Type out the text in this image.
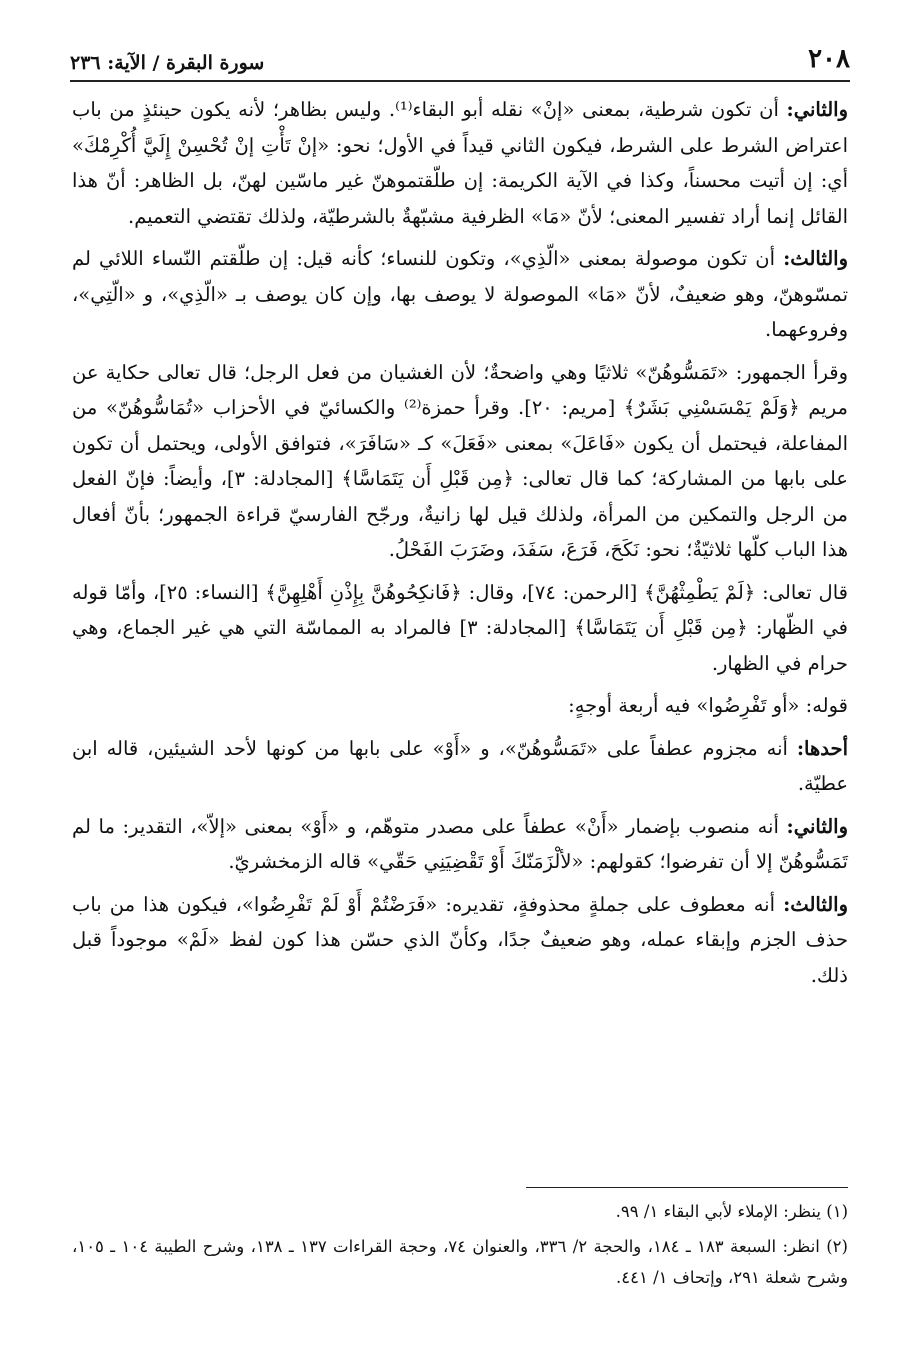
٢٠٨
سورة البقرة / الآية: ٢٣٦

والثاني: أن تكون شرطية، بمعنى «إنْ» نقله أبو البقاء⁽¹⁾. وليس بظاهر؛ لأنه يكون حينئذٍ من باب اعتراض الشرط على الشرط، فيكون الثاني قيداً في الأول؛ نحو: «إنْ تَأْتِ إنْ تُحْسِنْ إِلَيَّ أُكْرِمْكَ» أي: إن أتيت محسناً، وكذا في الآية الكريمة: إن طلّقتموهنّ غير ماسّين لهنّ، بل الظاهر: أنّ هذا القائل إنما أراد تفسير المعنى؛ لأنّ «مَا» الظرفية مشبّهةٌ بالشرطيّة، ولذلك تقتضي التعميم.

والثالث: أن تكون موصولة بمعنى «الّذِي»، وتكون للنساء؛ كأنه قيل: إن طلّقتم النّساء اللائي لم تمسّوهنّ، وهو ضعيفٌ، لأنّ «مَا» الموصولة لا يوصف بها، وإن كان يوصف بـ «الّذِي»، و «الّتِي»، وفروعهما.

وقرأ الجمهور: «تَمَسُّوهُنّ» ثلاثيًا وهي واضحةٌ؛ لأن الغشيان من فعل الرجل؛ قال تعالى حكاية عن مريم ﴿وَلَمْ يَمْسَسْنِي بَشَرٌ﴾ [مريم: ٢٠]. وقرأ حمزة⁽²⁾ والكسائيّ في الأحزاب «تُمَاسُّوهُنّ» من المفاعلة، فيحتمل أن يكون «فَاعَلَ» بمعنى «فَعَلَ» كـ «سَافَرَ»، فتوافق الأولى، ويحتمل أن تكون على بابها من المشاركة؛ كما قال تعالى: ﴿مِن قَبْلِ أَن يَتَمَاسَّا﴾ [المجادلة: ٣]، وأيضاً: فإنّ الفعل من الرجل والتمكين من المرأة، ولذلك قيل لها زانيةٌ، ورجّح الفارسيّ قراءة الجمهور؛ بأنّ أفعال هذا الباب كلّها ثلاثيّةٌ؛ نحو: نَكَحَ، فَرَعَ، سَفَدَ، وضَرَبَ الفَحْلُ.

قال تعالى: ﴿لَمْ يَطْمِثْهُنَّ﴾ [الرحمن: ٧٤]، وقال: ﴿فَانكِحُوهُنَّ بِإِذْنِ أَهْلِهِنَّ﴾ [النساء: ٢٥]، وأمّا قوله في الظّهار: ﴿مِن قَبْلِ أَن يَتَمَاسَّا﴾ [المجادلة: ٣] فالمراد به المماسّة التي هي غير الجماع، وهي حرام في الظهار.

قوله: «أو تَفْرِضُوا» فيه أربعة أوجهٍ:

أحدها: أنه مجزوم عطفاً على «تَمَسُّوهُنّ»، و «أَوْ» على بابها من كونها لأحد الشيئين، قاله ابن عطيّة.

والثاني: أنه منصوب بإضمار «أَنْ» عطفاً على مصدر متوهّم، و «أَوْ» بمعنى «إلاّ»، التقدير: ما لم تَمَسُّوهُنّ إلا أن تفرضوا؛ كقولهم: «لألْزَمَنّكَ أَوْ تَقْضِيَنِي حَقّي» قاله الزمخشريّ.

والثالث: أنه معطوف على جملةٍ محذوفةٍ، تقديره: «فَرَضْتُمْ أَوْ لَمْ تَفْرِضُوا»، فيكون هذا من باب حذف الجزم وإبقاء عمله، وهو ضعيفٌ جدًا، وكأنّ الذي حسّن هذا كون لفظ «لَمْ» موجوداً قبل ذلك.

(١) ينظر: الإملاء لأبي البقاء ١/ ٩٩.

(٢) انظر: السبعة ١٨٣ ـ ١٨٤، والحجة ٢/ ٣٣٦، والعنوان ٧٤، وحجة القراءات ١٣٧ ـ ١٣٨، وشرح الطيبة ١٠٤ ـ ١٠٥، وشرح شعلة ٢٩١، وإتحاف ١/ ٤٤١.
